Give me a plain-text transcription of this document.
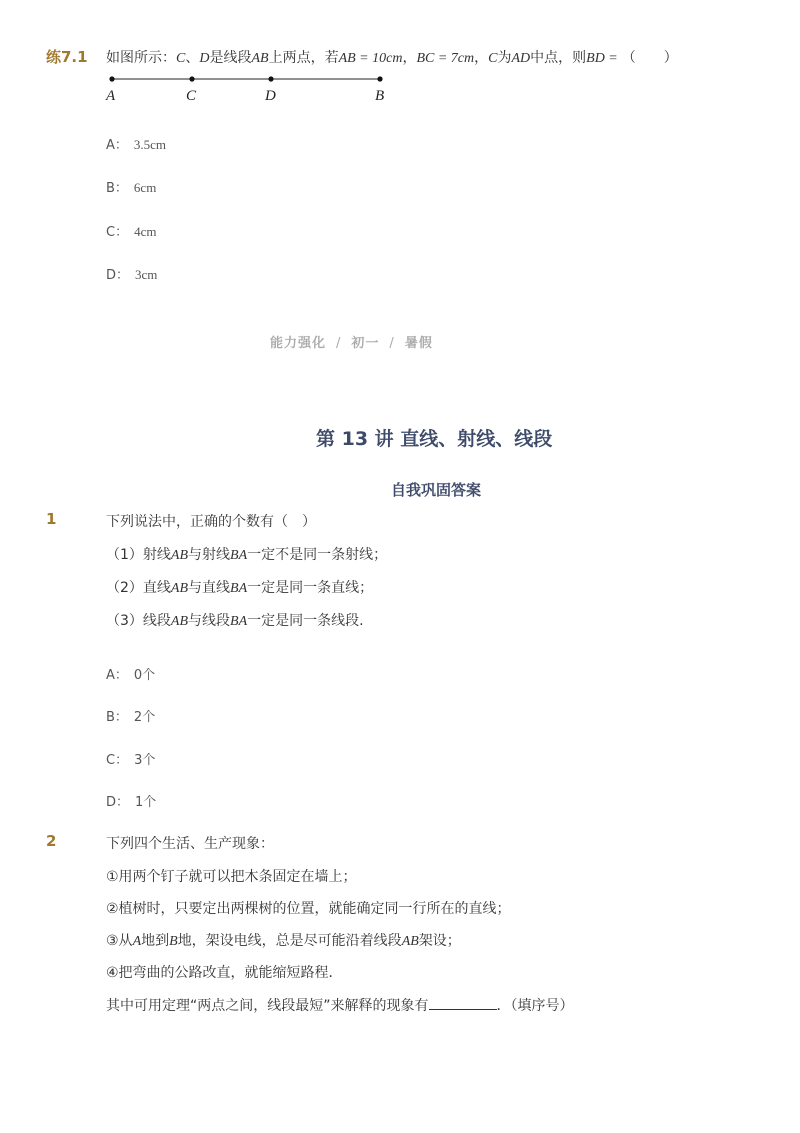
练7.1 如图所示：C、D是线段AB上两点，若AB = 10cm，BC = 7cm，C为AD中点，则BD = （　　）
A	C	D	B
A： 3.5cm
B： 6cm
C： 4cm
D： 3cm
能力强化 / 初一 / 暑假
第 13 讲 直线、射线、线段
自我巩固答案
1	下列说法中，正确的个数有（　）
（1）射线AB与射线BA一定不是同一条射线；
（2）直线AB与直线BA一定是同一条直线；
（3）线段AB与线段BA一定是同一条线段.
A： 0个
B： 2个
C： 3个
D： 1个
2	下列四个生活、生产现象：
①用两个钉子就可以把木条固定在墙上；
②植树时，只要定出两棵树的位置，就能确定同一行所在的直线；
③从A地到B地，架设电线，总是尽可能沿着线段AB架设；
④把弯曲的公路改直，就能缩短路程．
其中可用定理“两点之间，线段最短”来解释的现象有	．（填序号）
